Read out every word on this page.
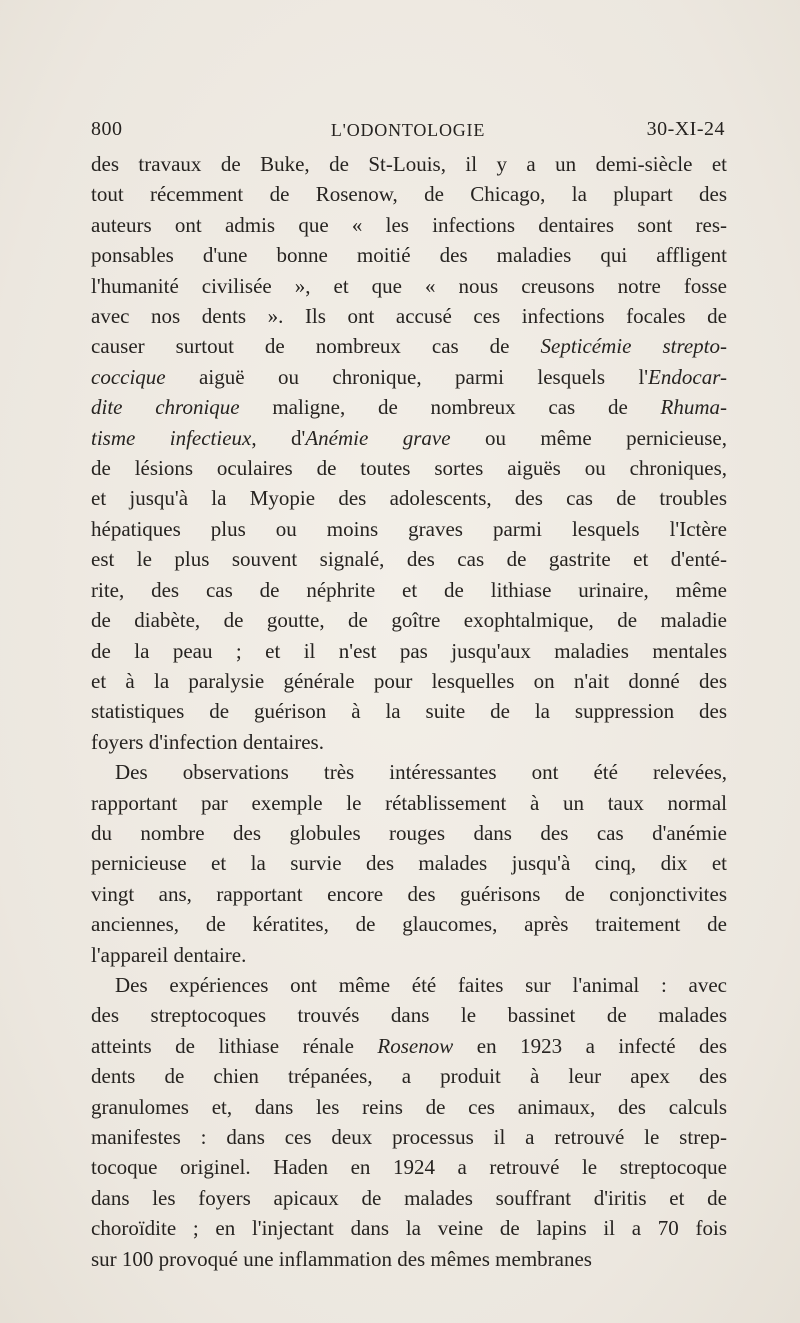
800	L'ODONTOLOGIE	30-XI-24
des travaux de Buke, de St-Louis, il y a un demi-siècle et
tout récemment de Rosenow, de Chicago, la plupart des
auteurs ont admis que « les infections dentaires sont res-
ponsables d'une bonne moitié des maladies qui affligent
l'humanité civilisée », et que « nous creusons notre fosse
avec nos dents ». Ils ont accusé ces infections focales de
causer surtout de nombreux cas de Septicémie strepto-
coccique aiguë ou chronique, parmi lesquels l'Endocar-
dite chronique maligne, de nombreux cas de Rhuma-
tisme infectieux, d'Anémie grave ou même pernicieuse,
de lésions oculaires de toutes sortes aiguës ou chroniques,
et jusqu'à la Myopie des adolescents, des cas de troubles
hépatiques plus ou moins graves parmi lesquels l'Ictère
est le plus souvent signalé, des cas de gastrite et d'enté-
rite, des cas de néphrite et de lithiase urinaire, même
de diabète, de goutte, de goître exophtalmique, de maladie
de la peau ; et il n'est pas jusqu'aux maladies mentales
et à la paralysie générale pour lesquelles on n'ait donné des
statistiques de guérison à la suite de la suppression des
foyers d'infection dentaires.
Des observations très intéressantes ont été relevées,
rapportant par exemple le rétablissement à un taux normal
du nombre des globules rouges dans des cas d'anémie
pernicieuse et la survie des malades jusqu'à cinq, dix et
vingt ans, rapportant encore des guérisons de conjonctivites
anciennes, de kératites, de glaucomes, après traitement de
l'appareil dentaire.
Des expériences ont même été faites sur l'animal : avec
des streptocoques trouvés dans le bassinet de malades
atteints de lithiase rénale Rosenow en 1923 a infecté des
dents de chien trépanées, a produit à leur apex des
granulomes et, dans les reins de ces animaux, des calculs
manifestes : dans ces deux processus il a retrouvé le strep-
tocoque originel. Haden en 1924 a retrouvé le streptocoque
dans les foyers apicaux de malades souffrant d'iritis et de
choroïdite ; en l'injectant dans la veine de lapins il a 70 fois
sur 100 provoqué une inflammation des mêmes membranes
